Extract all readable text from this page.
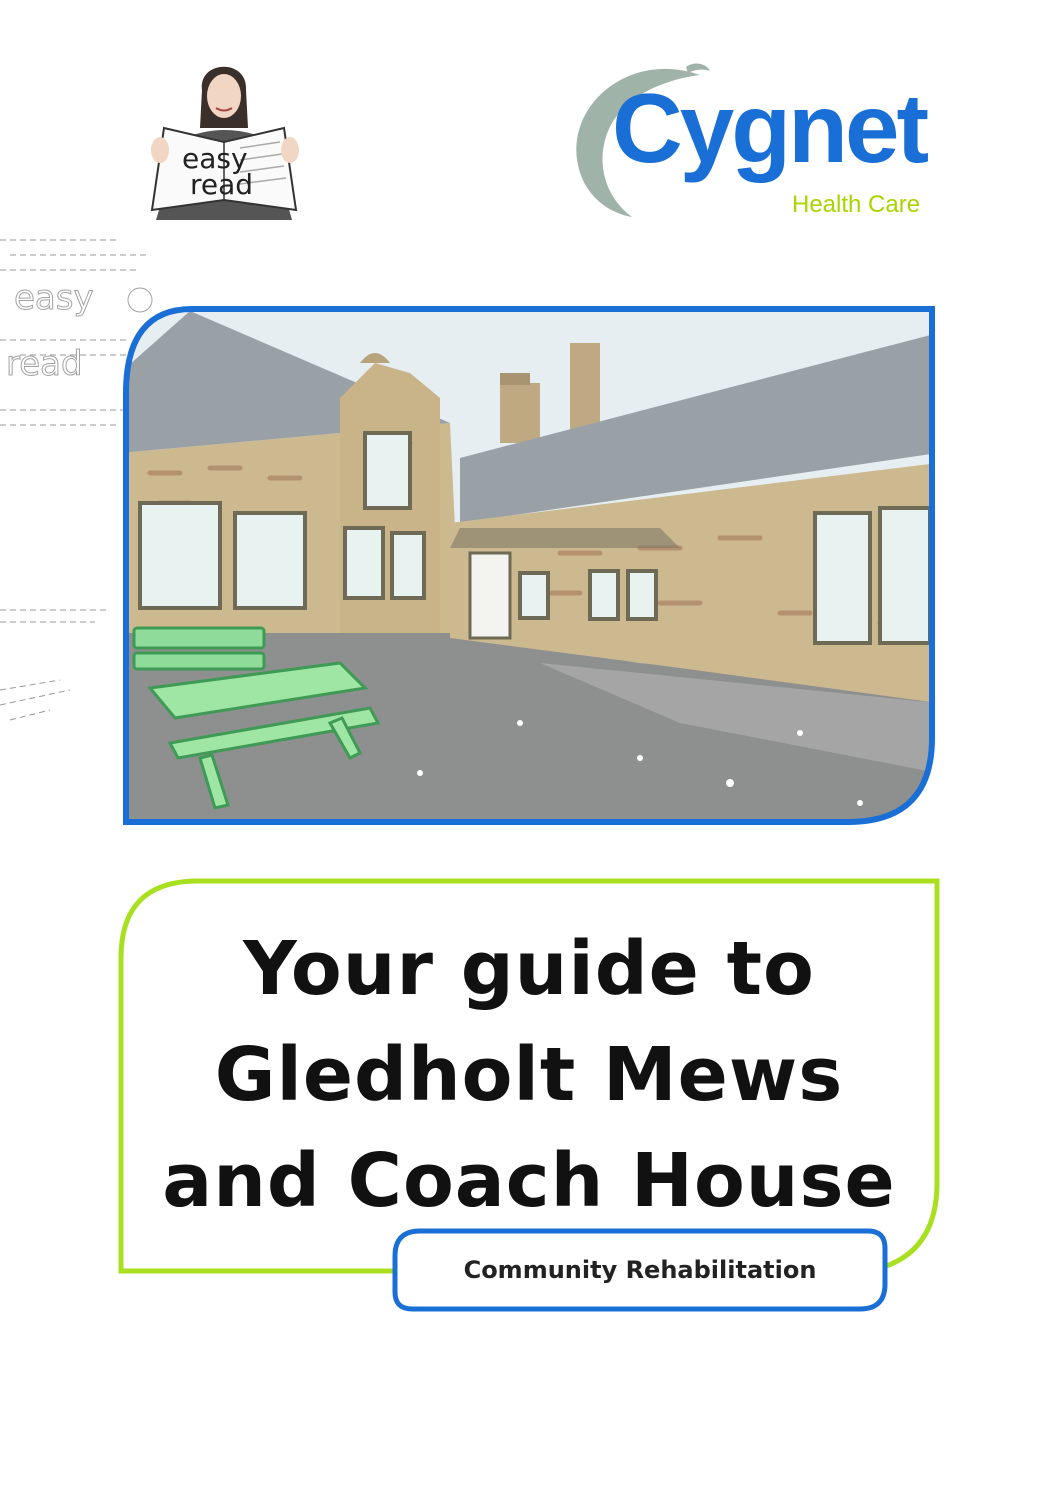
easy
read
easy
read
Cygnet
Health Care
Your guide to
Gledholt Mews
and Coach House
Community Rehabilitation
